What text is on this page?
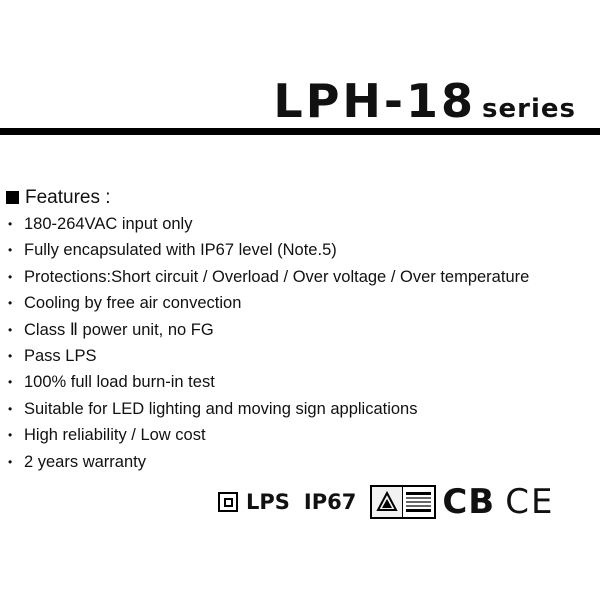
LPH-18 series
Features :
• 180-264VAC input only
• Fully encapsulated with IP67 level (Note.5)
• Protections:Short circuit / Overload / Over voltage / Over temperature
• Cooling by free air convection
• Class Ⅱ power unit, no FG
• Pass LPS
• 100% full load burn-in test
• Suitable for LED lighting and moving sign applications
• High reliability / Low cost
• 2 years warranty
LPS IP67	CB CE
